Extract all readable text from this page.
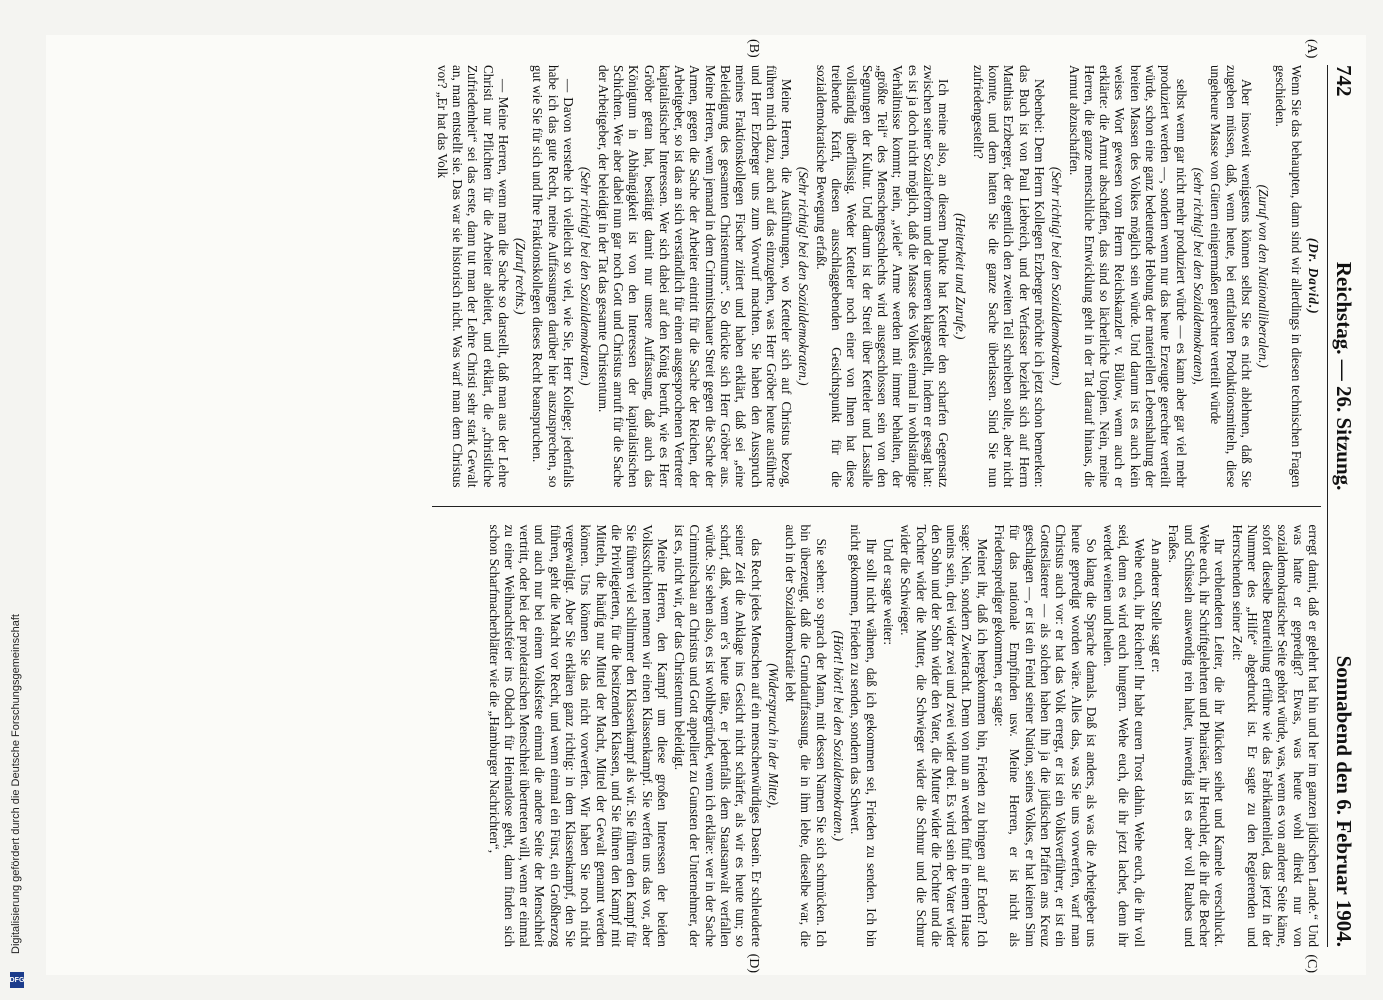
742
Reichstag. — 26. Sitzung.
Sonnabend den 6. Februar 1904.
(A)
(B)

(Dr. David.)

Wenn Sie das behaupten, dann sind wir allerdings in diesen technischen Fragen geschieden.

(Zuruf von den Nationalliberalen.)

Aber insoweit wenigstens können selbst Sie es nicht ablehnen, daß Sie zugeben müssen, daß, wenn heute, bei entfalteten Produktionsmitteln, diese ungeheure Masse von Gütern einigermaßen gerechter verteilt würde

(sehr richtig! bei den Sozialdemokraten),

selbst wenn gar nicht mehr produziert würde — es kann aber gar viel mehr produziert werden —, sondern wenn nur das heute Erzeugte gerechter verteilt würde, schon eine ganz bedeutende Hebung der materiellen Lebenshaltung der breiten Massen des Volkes möglich sein würde. Und darum ist es auch kein weises Wort gewesen vom Herrn Reichskanzler v. Bülow, wenn auch er erklärte: die Armut abschaffen, das sind so lächerliche Utopien. Nein, meine Herren, die ganze menschliche Entwicklung geht in der Tat darauf hinaus, die Armut abzuschaffen.

(Sehr richtig! bei den Sozialdemokraten.)

Nebenbei: Dem Herrn Kollegen Erzberger möchte ich jetzt schon bemerken: das Buch ist von Paul Liebreich, und der Verfasser bezieht sich auf Herrn Matthias Erzberger, der eigentlich den zweiten Teil schreiben sollte, aber nicht konnte, und dem hatten Sie die ganze Sache überlassen. Sind Sie nun zufriedengestellt?

(Heiterkeit und Zurufe.)

Ich meine also, an diesem Punkte hat Ketteler den scharfen Gegensatz zwischen seiner Sozialreform und der unseren klargestellt, indem er gesagt hat: es ist ja doch nicht möglich, daß die Masse des Volkes einmal in wohlständige Verhältnisse kommt; nein, „viele“ Arme werden mit immer behalten, der „größte Teil“ des Menschengeschlechts wird ausgeschlossen sein von den Segnungen der Kultur. Und darum ist der Streit über Ketteler und Lassalle vollständig überflüssig. Weder Ketteler noch einer von Ihnen hat diese treibende Kraft, diesen ausschlaggebenden Gesichtspunkt für die sozialdemokratische Bewegung erfaßt.

(Sehr richtig! bei den Sozialdemokraten.)

Meine Herren, die Ausführungen, wo Ketteler sich auf Christus bezog, führen mich dazu, auch auf das einzugehen, was Herr Gröber heute ausführte und Herr Erzberger uns zum Vorwurf machten. Sie haben den Ausspruch meines Fraktionskollegen Fischer zitiert und haben erklärt, daß sei „eine Beleidigung des gesamten Christentums“. So drückte sich Herr Gröber aus. Meine Herren, wenn jemand in dem Crimmitschauer Streit gegen die Sache der Armen, gegen die Sache der Arbeiter eintritt für die Sache der Reichen, der Arbeitgeber, so ist das an sich verständlich für einen ausgesprochenen Vertreter kapitalistischer Interessen. Wer sich dabei auf den König beruft, wie es Herr Gröber getan hat, bestätigt damit nur unsere Auffassung, daß auch das Königtum in Abhängigkeit ist von den Interessen der kapitalistischen Schichten. Wer aber dabei nun gar noch Gott und Christus anruft für die Sache der Arbeitgeber, der beleidigt in der Tat das gesamte Christentum.

(Sehr richtig! bei den Sozialdemokraten.)

— Davon verstehe ich vielleicht so viel, wie Sie, Herr Kollege; jedenfalls habe ich das gute Recht, meine Auffassungen darüber hier auszusprechen, so gut wie Sie für sich und Ihre Fraktionskollegen dieses Recht beanspruchen.

(Zuruf rechts.)

— Meine Herren, wenn man die Sache so darstellt, daß man aus der Lehre Christi nur Pflichten für die Arbeiter ableitet, und erklärt, die „christliche Zufriedenheit“ sei das erste, dann tut man der Lehre Christi sehr stark Gewalt an, man entstellt sie. Das war sie historisch nicht. Was warf man dem Christus vor? „Er hat das Volk

(C)
(D)

erregt damit, daß er gelehrt hat hin und her im ganzen jüdischen Lande.“ Und was hatte er gepredigt? Etwas, was heute wohl direkt nur von sozialdemokratischer Seite gehört würde, was, wenn es von anderer Seite käme, sofort dieselbe Beurteilung erführe wie das Fabrikantenlied, das jetzt in der Nummer des „Hilfe“ abgedruckt ist. Er sagte zu den Regierenden und Herrschenden seiner Zeit:

Ihr verblendeten Leiter, die ihr Mücken seihet und Kamele verschluckt. Wehe euch, ihr Schriftgelehrten und Pharisäer, ihr Heuchler, die ihr die Becher und Schüsseln auswendig rein haltet, inwendig ist es aber voll Raubes und Fraßes.

An anderer Stelle sagt er:

Wehe euch, ihr Reichen! Ihr habt euren Trost dahin. Wehe euch, die ihr voll seid, denn es wird euch hungern. Wehe euch, die ihr jetzt lachet, denn ihr werdet weinen und heulen.

So klang die Sprache damals. Daß ist anders, als was die Arbeitgeber uns heute gepredigt worden wäre. Alles das, was Sie uns vorwerfen, warf man Christus auch vor: er hat das Volk erregt, er ist ein Volksverführer, er ist ein Gotteslästerer — als solchen haben ihn ja die jüdischen Pfaffen ans Kreuz geschlagen —, er ist ein Feind seiner Nation, seines Volkes, er hat keinen Sinn für das nationale Empfinden usw. Meine Herren, er ist nicht als Friedensprediger gekommen, er sagte:

Meinet ihr, daß ich hergekommen bin, Frieden zu bringen auf Erden? Ich sage: Nein, sondern Zwietracht. Denn von nun an werden fünf in einem Hause uneins sein, drei wider zwei und zwei wider drei. Es wird sein der Vater wider den Sohn und der Sohn wider den Vater, die Mutter wider die Tochter und die Tochter wider die Mutter, die Schwieger wider die Schnur und die Schnur wider die Schwieger.

Und er sagte weiter:

Ihr sollt nicht wähnen, daß ich gekommen sei, Frieden zu senden. Ich bin nicht gekommen, Frieden zu senden, sondern das Schwert.

(Hört! hört! bei den Sozialdemokraten.)

Sie sehen: so sprach der Mann, mit dessen Namen Sie sich schmücken. Ich bin überzeugt, daß die Grundauffassung, die in ihm lebte, dieselbe war, die auch in der Sozialdemokratie lebt

(Widerspruch in der Mitte),

das Recht jedes Menschen auf ein menschenwürdiges Dasein. Er schleuderte seiner Zeit die Anklage ins Gesicht nicht schärfer, als wir es heute tun; so scharf, daß, wenn er's heute täte, er jedenfalls dem Staatsanwalt verfallen würde. Sie sehen also, es ist wohlbegründet, wenn ich erkläre: wer in der Sache Crimmitschau an Christus und Gott appelliert zu Gunsten der Unternehmer, der ist es, nicht wir, der das Christentum beleidigt.

Meine Herren, den Kampf um diese großen Interessen der beiden Volksschichten nennen wir einen Klassenkampf. Sie werfen uns das vor, aber Sie führen viel schlimmer den Klassenkampf als wir. Sie führen den Kampf für die Privilegierten, für die besitzenden Klassen, und Sie führen den Kampf mit Mitteln, die häufig nur Mittel der Macht, Mittel der Gewalt genannt werden können. Uns können Sie das nicht vorwerfen. Wir haben Sie noch nicht vergewaltigt. Aber Sie erklären ganz richtig: in dem Klassenkampf, den Sie führen, geht die Macht vor Recht, und wenn einmal ein Fürst, ein Großherzog und auch nur bei einem Volksfeste einmal die andere Seite der Menschheit vertritt, oder bei der proletarischen Menschheit übertreten will, wenn er einmal zu einer Weihnachtsfeier ins Obdach für Heimatlose geht, dann finden sich schon Scharfmacherblätter wie die „Hamburger Nachrichten“,

Digitalisierung gefördert durch die Deutsche Forschungsgemeinschaft
DFG
